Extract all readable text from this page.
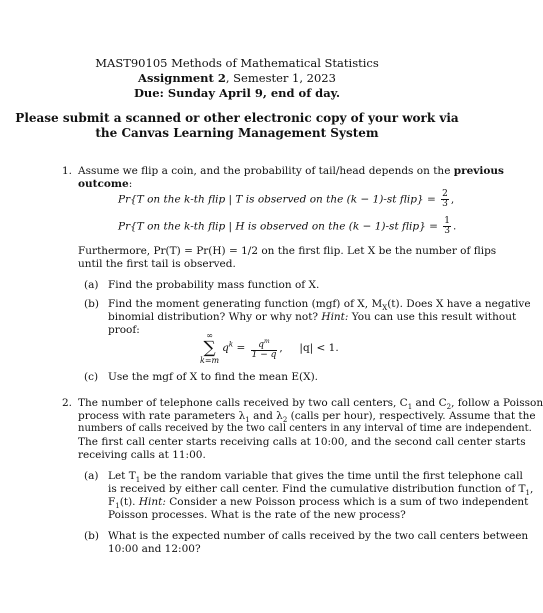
MAST90105 Methods of Mathematical Statistics
Assignment 2, Semester 1, 2023
Due: Sunday April 9, end of day.
Please submit a scanned or other electronic copy of your work via
the Canvas Learning Management System
1. Assume we flip a coin, and the probability of tail/head depends on the previous
outcome:
Pr{T on the k-th flip | T is observed on the (k − 1)-st flip} = $\frac{2}{3}$ ,
Pr{T on the k-th flip | H is observed on the (k − 1)-st flip} = $\frac{1}{3}$ .
Furthermore, Pr(T) = Pr(H) = 1/2 on the first flip. Let X be the number of flips
until the first tail is observed.
(a) Find the probability mass function of X.
(b) Find the moment generating function (mgf) of X, $M_X(t)$. Does X have a negative
binomial distribution? Why or why not? Hint: You can use this result without
proof:	∞
∑
$k=mq^k = \frac{q^m}{1 - q}$ ,     |q| < 1.
(c) Use the mgf of X to find the mean E(X).
2. The number of telephone calls received by two call centers, $C_1$ and $C_2$, follow a Poisson
process with rate parameters $\lambda_1$ and $\lambda_2$ (calls per hour), respectively. Assume that the
numbers of calls received by the two call centers in any interval of time are independent.
The first call center starts receiving calls at 10:00, and the second call center starts
receiving calls at 11:00.
(a) Let $T_1$ be the random variable that gives the time until the first telephone call
is received by either call center. Find the cumulative distribution function of $T_1$,
$F_1(t)$. Hint: Consider a new Poisson process which is a sum of two independent
Poisson processes. What is the rate of the new process?
(b) What is the expected number of calls received by the two call centers between
10:00 and 12:00?
